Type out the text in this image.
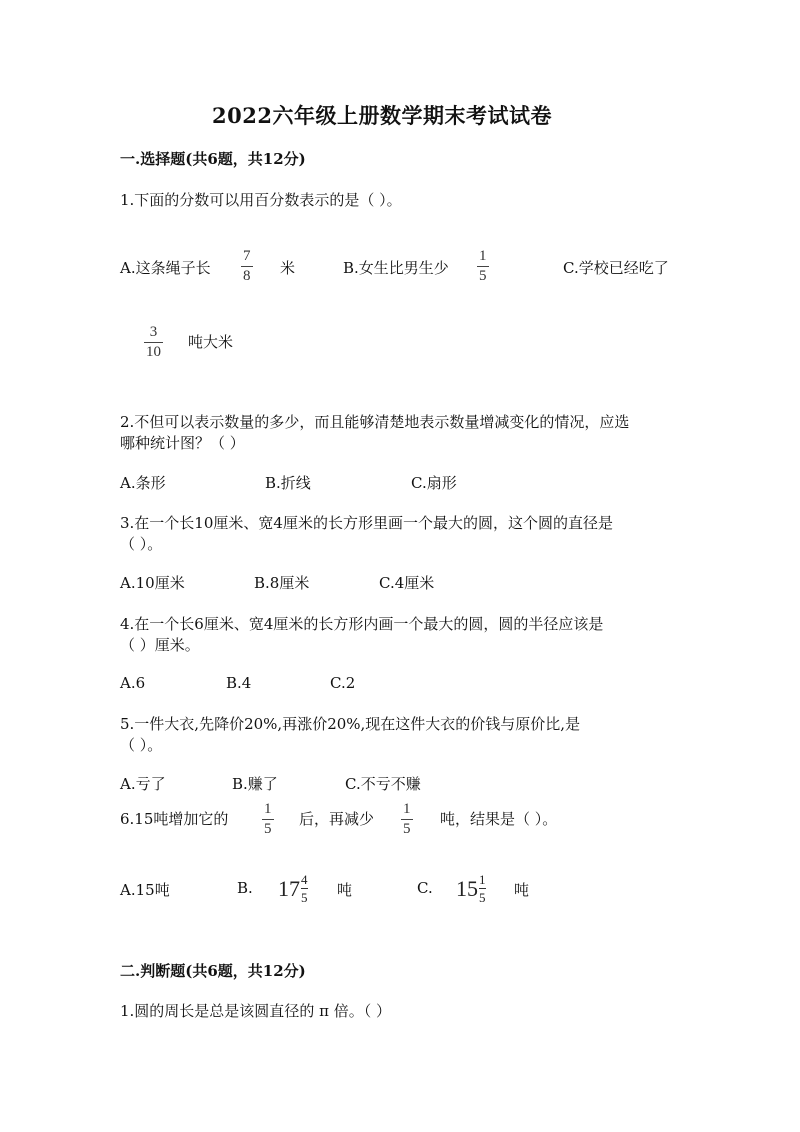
2022六年级上册数学期末考试试卷
一.选择题(共6题，共12分)
1.下面的分数可以用百分数表示的是（ ）。
A.这条绳子长
7
8 米	B.女生比男生少
1
5	C.学校已经吃了
3
10
吨大米
2.不但可以表示数量的多少，而且能够清楚地表示数量增减变化的情况，应选
哪种统计图？（ ）
A.条形	B.折线	C.扇形
3.在一个长10厘米、宽4厘米的长方形里画一个最大的圆，这个圆的直径是
（ ）。
A.10厘米	B.8厘米	C.4厘米
4.在一个长6厘米、宽4厘米的长方形内画一个最大的圆，圆的半径应该是
（ ）厘米。
A.6	B.4	C.2
5.一件大衣,先降价20%,再涨价20%,现在这件大衣的价钱与原价比,是
（ ）。
A.亏了	B.赚了	C.不亏不赚
6.15吨增加它的
1
5
后，再减少
1
5
吨，结果是（ ）。
A.15吨	B. 17 4
5 吨	C. 15 1
5 吨
二.判断题(共6题，共12分)
1.圆的周长是总是该圆直径的 π 倍。（ ）
